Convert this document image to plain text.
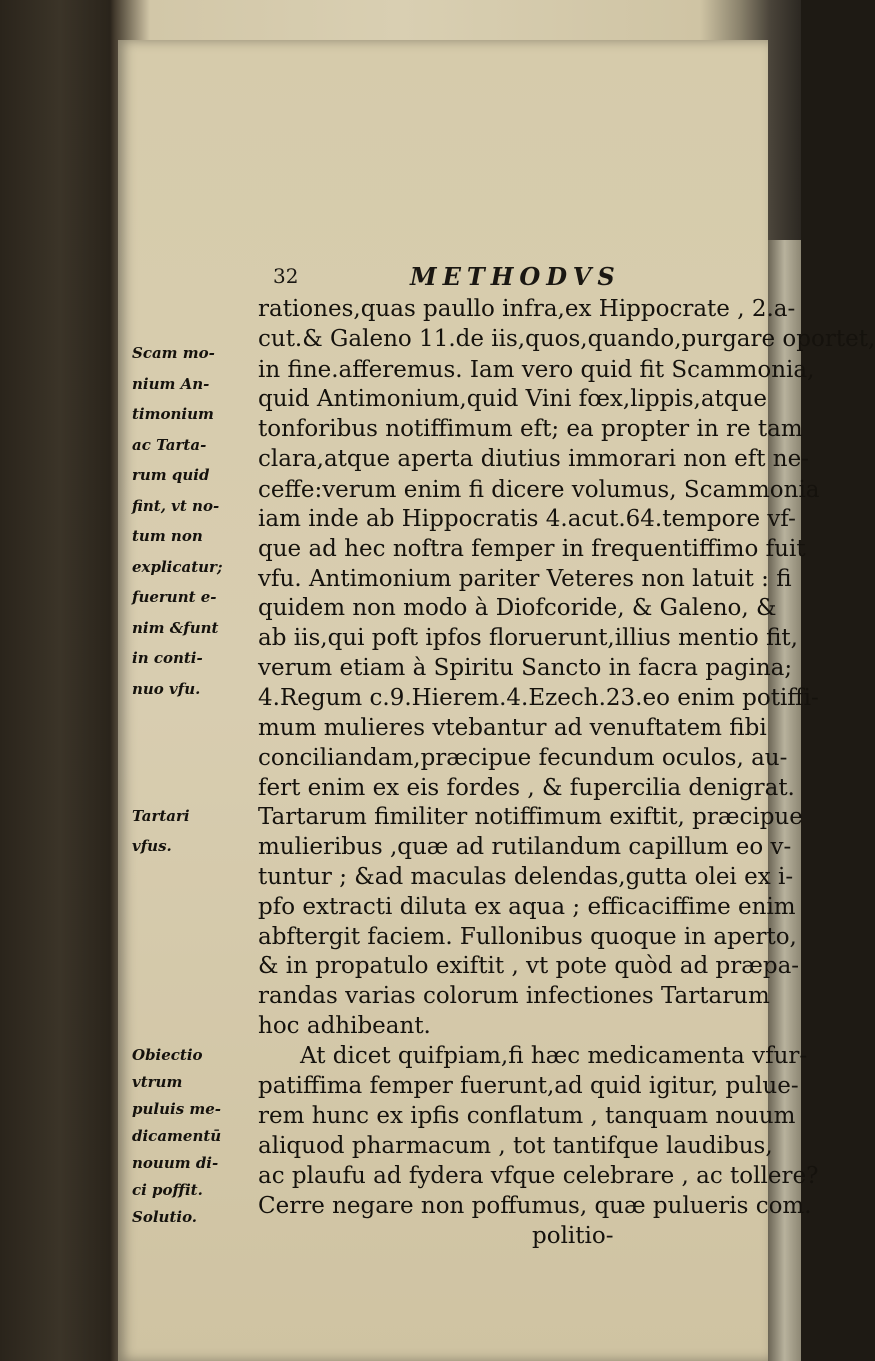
32	METHODVS
rationes,quas paullo infra,ex Hippocrate , 2.a-
cut.& Galeno 11.de iis,quos,quando,purgare oportet,
in fine.afferemus. Iam vero quid fit Scammonia,
quid Antimonium,quid Vini fœx,lippis,atque
tonforibus notiffimum eft; ea propter in re tam
clara,atque aperta diutius immorari non eft ne-
ceffe:verum enim fi dicere volumus, Scammonia
iam inde ab Hippocratis 4.acut.64.tempore vf-
que ad hec noftra femper in frequentiffimo fuit
vfu. Antimonium pariter Veteres non latuit : fi
quidem non modo à Diofcoride, & Galeno, &
ab iis,qui poft ipfos floruerunt,illius mentio fit,
verum etiam à Spiritu Sancto in facra pagina;
4.Regum c.9.Hierem.4.Ezech.23.eo enim potiffi-
mum mulieres vtebantur ad venuftatem fibi
conciliandam,præcipue fecundum oculos, au-
fert enim ex eis fordes , & fupercilia denigrat.
Tartarum fimiliter notiffimum exiftit, præcipue
mulieribus ,quæ ad rutilandum capillum eo v-
tuntur ; &ad maculas delendas,gutta olei ex i-
pfo extracti diluta ex aqua ; efficaciffime enim
abftergit faciem. Fullonibus quoque in aperto,
& in propatulo exiftit , vt pote quòd ad præpa-
randas varias colorum infectiones Tartarum
hoc adhibeant.
At dicet quifpiam,fi hæc medicamenta vfur-
patiffima femper fuerunt,ad quid igitur, pulue-
rem hunc ex ipfis conflatum , tanquam nouum
aliquod pharmacum , tot tantifque laudibus,
ac plaufu ad fydera vfque celebrare , ac tollere?
Cerre negare non poffumus, quæ pulueris com.
politio-
Scam mo-
nium An-
timonium
ac Tarta-
rum quid
fint, vt no-
tum non
explicatur;
fuerunt e-
nim &funt
in conti-
nuo vfu.
Tartari
vfus.
Obiectio
vtrum
puluis me-
dicamentū
nouum di-
ci poffit.
Solutio.
